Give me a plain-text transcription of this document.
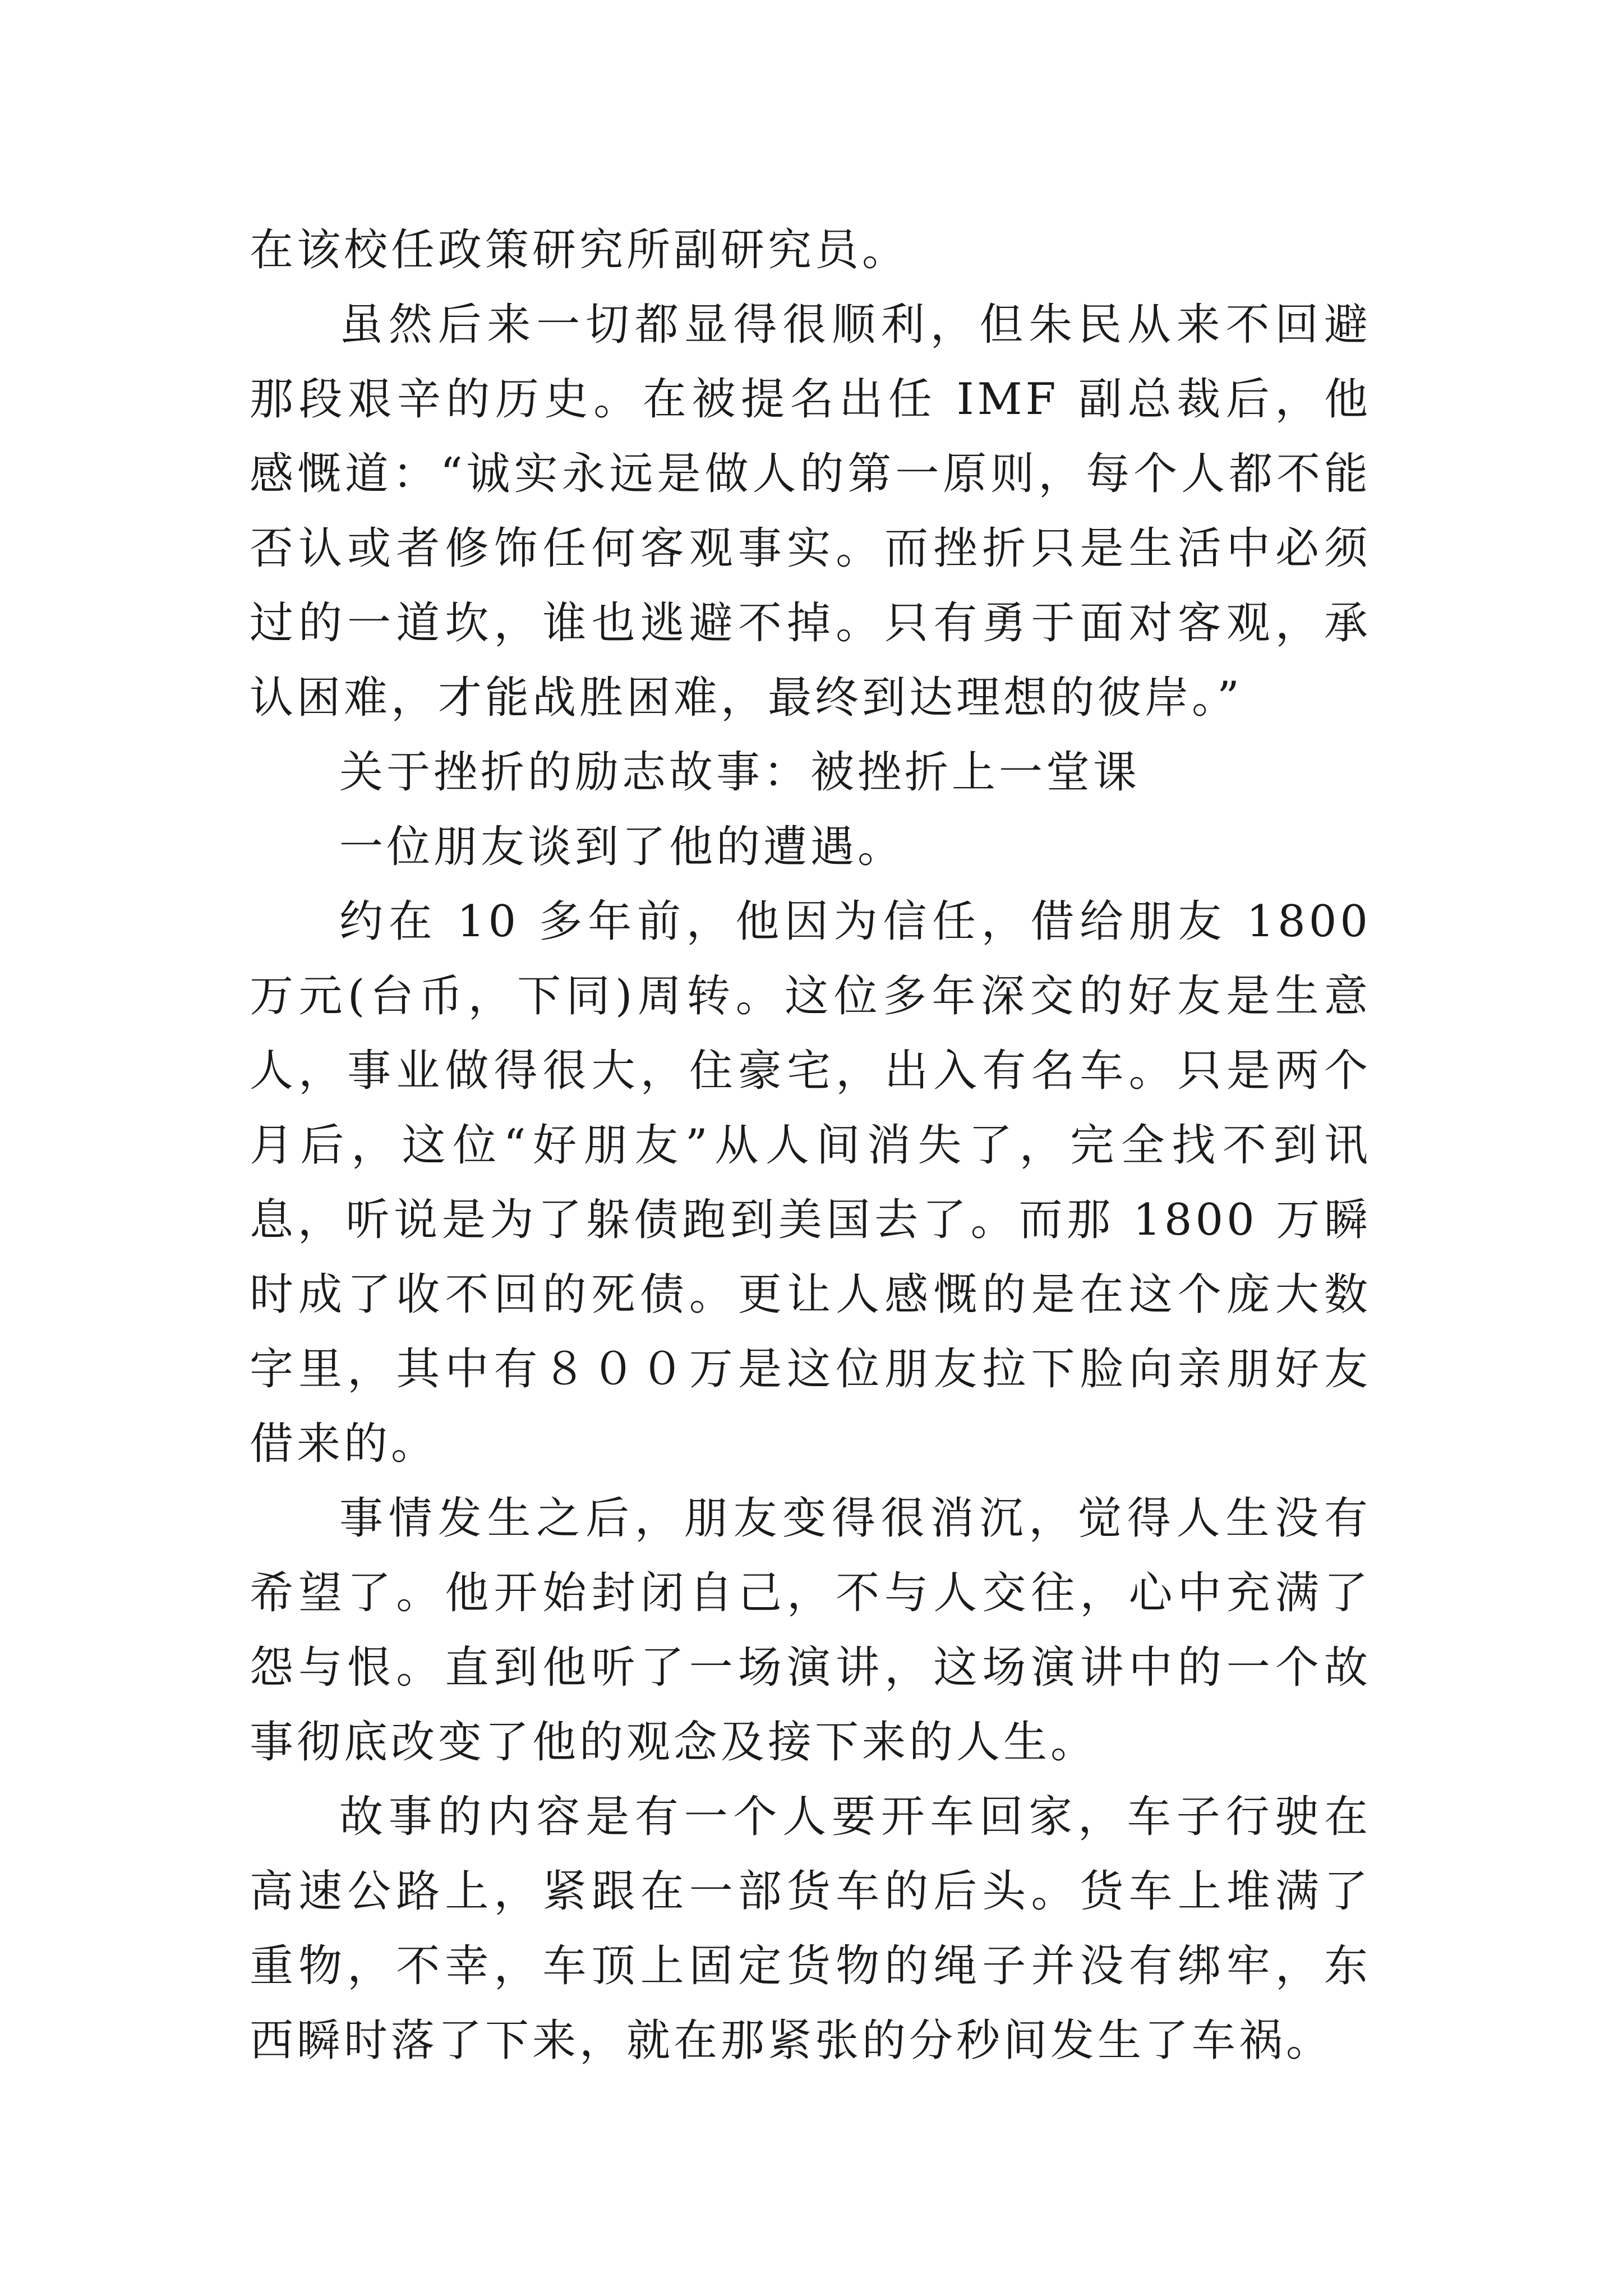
在该校任政策研究所副研究员。

虽然后来一切都显得很顺利，但朱民从来不回避那段艰辛的历史。在被提名出任 IMF 副总裁后，他感慨道：“诚实永远是做人的第一原则，每个人都不能否认或者修饰任何客观事实。而挫折只是生活中必须过的一道坎，谁也逃避不掉。只有勇于面对客观，承认困难，才能战胜困难，最终到达理想的彼岸。”

关于挫折的励志故事：被挫折上一堂课

一位朋友谈到了他的遭遇。

约在 10 多年前，他因为信任，借给朋友 1800 万元(台币，下同)周转。这位多年深交的好友是生意人，事业做得很大，住豪宅，出入有名车。只是两个月后，这位“好朋友”从人间消失了，完全找不到讯息，听说是为了躲债跑到美国去了。而那 1800 万瞬时成了收不回的死债。更让人感慨的是在这个庞大数字里，其中有８００万是这位朋友拉下脸向亲朋好友借来的。

事情发生之后，朋友变得很消沉，觉得人生没有希望了。他开始封闭自己，不与人交往，心中充满了怨与恨。直到他听了一场演讲，这场演讲中的一个故事彻底改变了他的观念及接下来的人生。

故事的内容是有一个人要开车回家，车子行驶在高速公路上，紧跟在一部货车的后头。货车上堆满了重物，不幸，车顶上固定货物的绳子并没有绑牢，东西瞬时落了下来，就在那紧张的分秒间发生了车祸。
